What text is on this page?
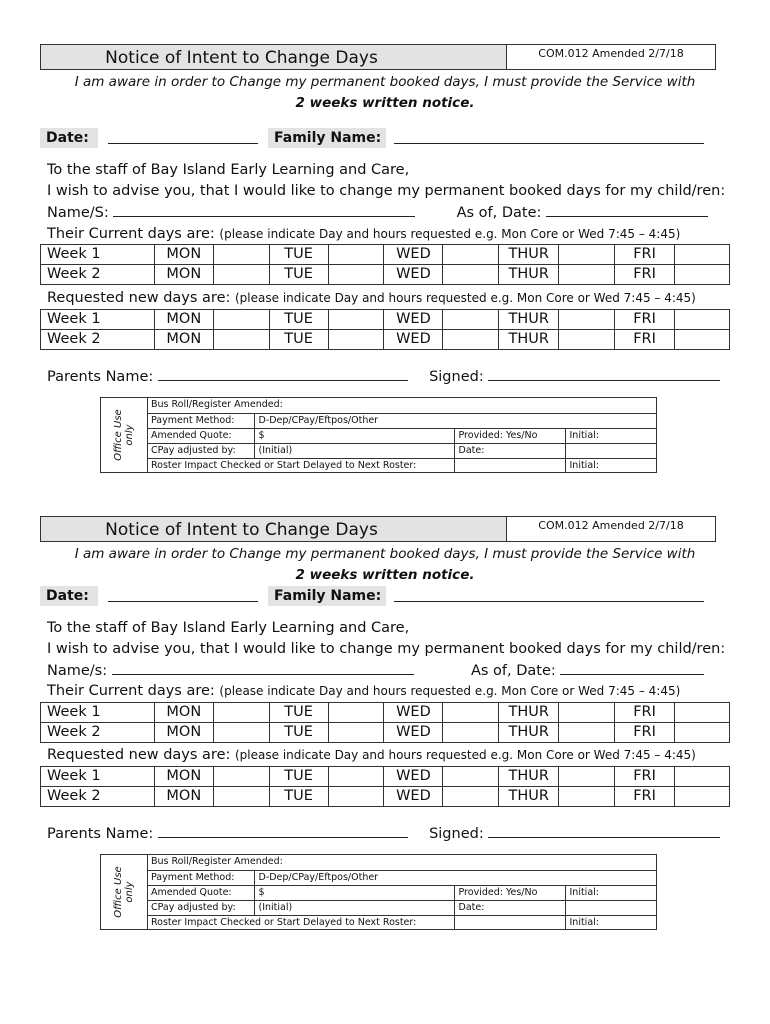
Notice of Intent to Change Days	COM.012 Amended 2/7/18
I am aware in order to Change my permanent booked days, I must provide the Service with
2 weeks written notice.
Date:	Family Name:
To the staff of Bay Island Early Learning and Care,
I wish to advise you, that I would like to change my permanent booked days for my child/ren:
Name/S:	As of, Date:
Their Current days are: (please indicate Day and hours requested e.g. Mon Core or Wed 7:45 – 4:45)
Week 1	MON		TUE		WED		THUR		FRI	
Week 2	MON		TUE		WED		THUR		FRI	
Requested new days are: (please indicate Day and hours requested e.g. Mon Core or Wed 7:45 – 4:45)
Week 1	MON		TUE		WED		THUR		FRI	
Week 2	MON		TUE		WED		THUR		FRI	
Parents Name:	Signed:
Office Use
only
Bus Roll/Register Amended:			
Payment Method:	D-Dep/CPay/Eftpos/Other		
Amended Quote:	$	Provided: Yes/No	Initial:
CPay adjusted by:	(Initial)	Date:	
Roster Impact Checked or Start Delayed to Next Roster:			Initial:
Notice of Intent to Change Days	COM.012 Amended 2/7/18
I am aware in order to Change my permanent booked days, I must provide the Service with
2 weeks written notice.
Date:	Family Name:
To the staff of Bay Island Early Learning and Care,
I wish to advise you, that I would like to change my permanent booked days for my child/ren:
Name/s:	As of, Date:
Their Current days are: (please indicate Day and hours requested e.g. Mon Core or Wed 7:45 – 4:45)
Week 1	MON		TUE		WED		THUR		FRI	
Week 2	MON		TUE		WED		THUR		FRI	
Requested new days are: (please indicate Day and hours requested e.g. Mon Core or Wed 7:45 – 4:45)
Week 1	MON		TUE		WED		THUR		FRI	
Week 2	MON		TUE		WED		THUR		FRI	
Parents Name:	Signed:
Office Use
only
Bus Roll/Register Amended:			
Payment Method:	D-Dep/CPay/Eftpos/Other		
Amended Quote:	$	Provided: Yes/No	Initial:
CPay adjusted by:	(Initial)	Date:	
Roster Impact Checked or Start Delayed to Next Roster:			Initial:
